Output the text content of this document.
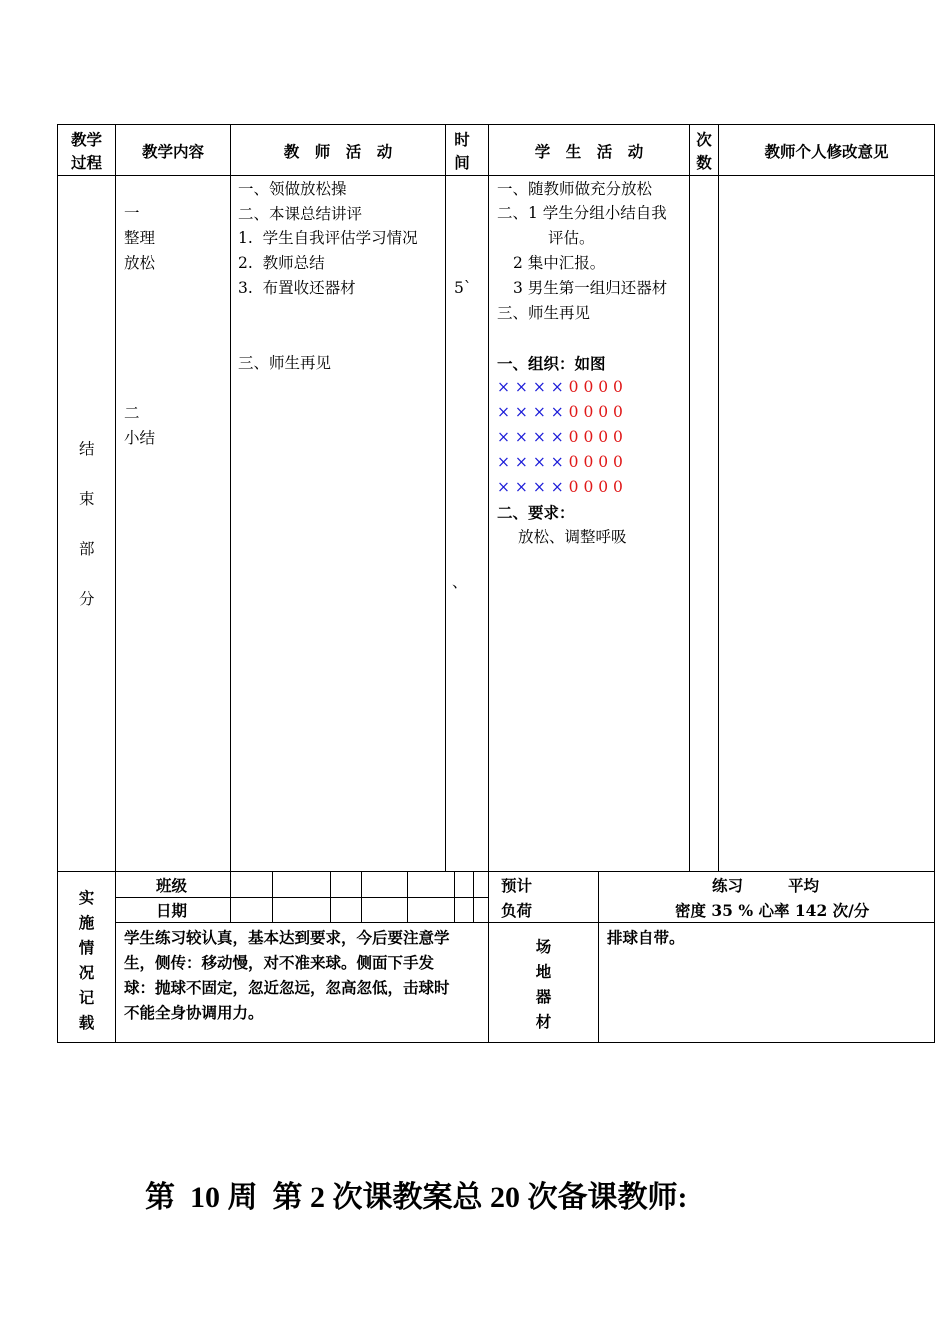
教学
过程
教学内容	教　师　活　动
时
间
学　生　活　动
次
数
教师个人修改意见
结
束
部
分
一
整理
放松
二
小结
一、领做放松操
二、本课总结讲评
1.  学生自我评估学习情况
2.  教师总结
3.  布置收还器材
三、师生再见
5`
、
一、随教师做充分放松
二、1 学生分组小结自我
评估。
2 集中汇报。
3 男生第一组归还器材
三、师生再见
一、组织：如图
× × × × 0 0 0 0
× × × × 0 0 0 0
× × × × 0 0 0 0
× × × × 0 0 0 0
× × × × 0 0 0 0
二、要求：
放松、调整呼吸
实
施
情
况
记
载
班级
日期
预计
负荷
练习	平均
密度 35 % 心率 142 次/分
学生练习较认真，基本达到要求，今后要注意学
生，侧传：移动慢，对不准来球。侧面下手发
球：抛球不固定，忽近忽远，忽高忽低，击球时
不能全身协调用力。
场
地
器
材
排球自带。
第  10 周  第 2 次课教案总 20 次备课教师:
